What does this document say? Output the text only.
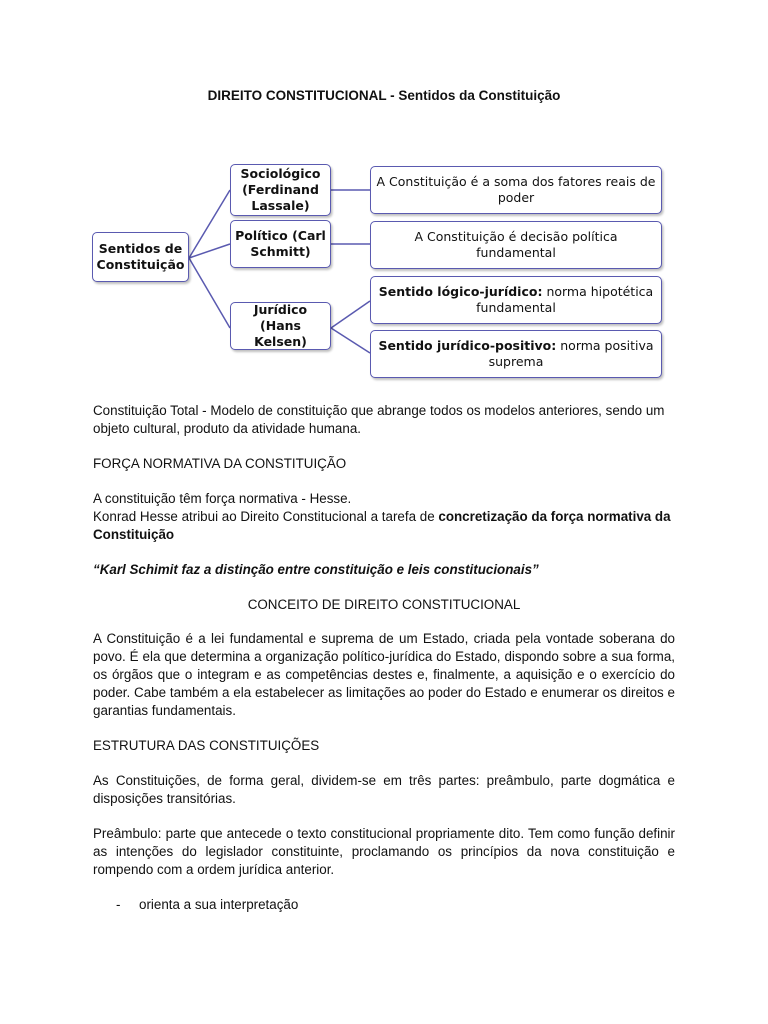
DIREITO CONSTITUCIONAL - Sentidos da Constituição
Sentidos de Constituição
Sociológico (Ferdinand Lassale)
Político (Carl Schmitt)
Jurídico (Hans Kelsen)
A Constituição é a soma dos fatores reais de poder
A Constituição é decisão política fundamental
Sentido lógico-jurídico: norma hipotética fundamental
Sentido jurídico-positivo: norma positiva suprema
Constituição Total - Modelo de constituição que abrange todos os modelos anteriores, sendo um objeto cultural, produto da atividade humana.
FORÇA NORMATIVA DA CONSTITUIÇÃO
A constituição têm força normativa - Hesse.
Konrad Hesse atribui ao Direito Constitucional a tarefa de concretização da força normativa da Constituição
“Karl Schimit faz a distinção entre constituição e leis constitucionais”
CONCEITO DE DIREITO CONSTITUCIONAL
A Constituição é a lei fundamental e suprema de um Estado, criada pela vontade soberana do povo. É ela que determina a organização político-jurídica do Estado, dispondo sobre a sua forma, os órgãos que o integram e as competências destes e, finalmente, a aquisição e o exercício do poder. Cabe também a ela estabelecer as limitações ao poder do Estado e enumerar os direitos e garantias fundamentais.
ESTRUTURA DAS CONSTITUIÇÕES
As Constituições, de forma geral, dividem-se em três partes: preâmbulo, parte dogmática e disposições transitórias.
Preâmbulo: parte que antecede o texto constitucional propriamente dito. Tem como função definir as intenções do legislador constituinte, proclamando os princípios da nova constituição e rompendo com a ordem jurídica anterior.
- orienta a sua interpretação
